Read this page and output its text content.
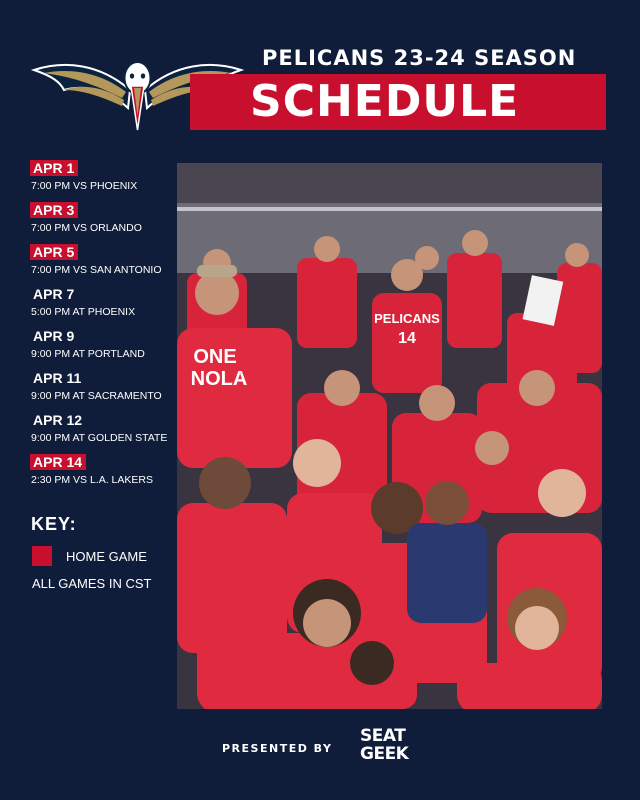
PELICANS 23-24 SEASON
SCHEDULE
APR 1
7:00 PM VS PHOENIX
APR 3
7:00 PM VS ORLANDO
APR 5
7:00 PM VS SAN ANTONIO
APR 7
5:00 PM AT PHOENIX
APR 9
9:00 PM AT PORTLAND
APR 11
9:00 PM AT SACRAMENTO
APR 12
9:00 PM AT GOLDEN STATE
APR 14
2:30 PM VS L.A. LAKERS
KEY:
HOME GAME
ALL GAMES IN CST
PELICANS
14
ONE
NOLA
PRESENTED BY
SEAT
GEEK
